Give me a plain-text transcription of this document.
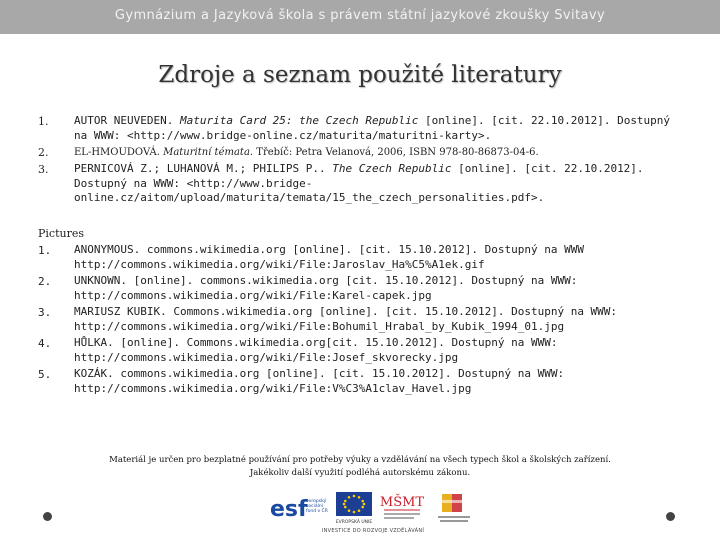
Gymnázium a Jazyková škola s právem státní jazykové zkoušky Svitavy
Zdroje a seznam použité literatury
1.	AUTOR NEUVEDEN. Maturita Card 25: the Czech Republic [online]. [cit. 22.10.2012]. Dostupný na WWW: <http://www.bridge-online.cz/maturita/maturitni-karty>.
2.	EL-HMOUDOVÁ. Maturitní témata. Třebíč: Petra Velanová, 2006, ISBN 978-80-86873-04-6.
3.	PERNICOVÁ Z.; LUHANOVÁ M.; PHILIPS P.. The Czech Republic [online]. [cit. 22.10.2012]. Dostupný na WWW: <http://www.bridge-online.cz/aitom/upload/maturita/temata/15_the_czech_personalities.pdf>.
Pictures
1.	ANONYMOUS. commons.wikimedia.org [online]. [cit. 15.10.2012]. Dostupný na WWW http://commons.wikimedia.org/wiki/File:Jaroslav_Ha%C5%A1ek.gif
2.	UNKNOWN. [online]. commons.wikimedia.org [cit. 15.10.2012]. Dostupný na WWW: http://commons.wikimedia.org/wiki/File:Karel-capek.jpg
3.	MARIUSZ KUBIK. Commons.wikimedia.org [online]. [cit. 15.10.2012]. Dostupný na WWW: http://commons.wikimedia.org/wiki/File:Bohumil_Hrabal_by_Kubik_1994_01.jpg
4.	HŮLKA. [online]. Commons.wikimedia.org[cit. 15.10.2012]. Dostupný na WWW: http://commons.wikimedia.org/wiki/File:Josef_skvorecky.jpg
5.	KOZÁK. commons.wikimedia.org [online]. [cit. 15.10.2012]. Dostupný na WWW: http://commons.wikimedia.org/wiki/File:V%C3%A1clav_Havel.jpg
Materiál je určen pro bezplatné používání pro potřeby výuky a vzdělávání na všech typech škol a školských zařízení.
Jakékoliv další využití podléhá autorskému zákonu.
esf
evropský sociální fond v ČR
EVROPSKÁ UNIE
MŠMT
INVESTICE DO ROZVOJE VZDĚLÁVÁNÍ
